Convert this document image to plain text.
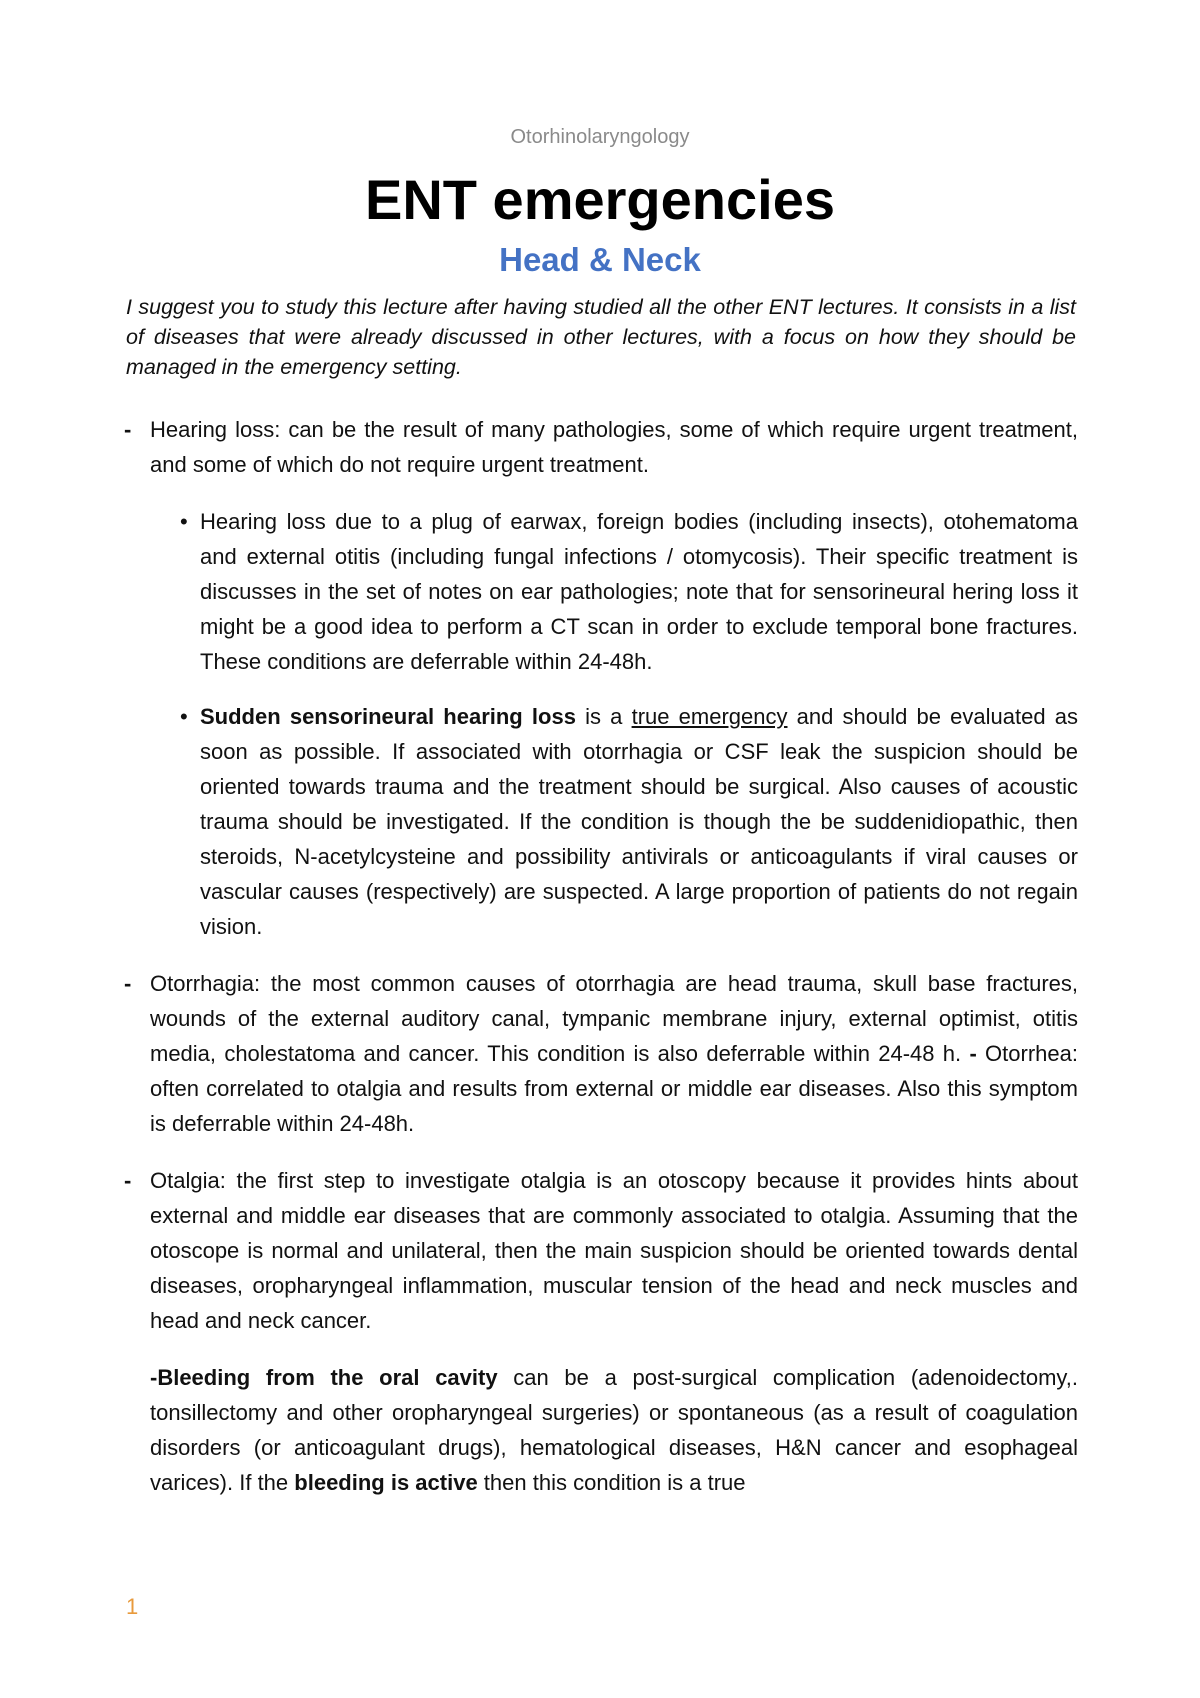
Otorhinolaryngology
ENT emergencies
Head & Neck
I suggest you to study this lecture after having studied all the other ENT lectures. It consists in a list of diseases that were already discussed in other lectures, with a focus on how they should be managed in the emergency setting.
- Hearing loss: can be the result of many pathologies, some of which require urgent treatment, and some of which do not require urgent treatment.

• Hearing loss due to a plug of earwax, foreign bodies (including insects), otohematoma and external otitis (including fungal infections / otomycosis). Their specific treatment is discusses in the set of notes on ear pathologies; note that for sensorineural hering loss it might be a good idea to perform a CT scan in order to exclude temporal bone fractures. These conditions are deferrable within 24-48h.

• Sudden sensorineural hearing loss is a true emergency and should be evaluated as soon as possible. If associated with otorrhagia or CSF leak the suspicion should be oriented towards trauma and the treatment should be surgical. Also causes of acoustic trauma should be investigated. If the condition is though the be suddenidiopathic, then steroids, N-acetylcysteine and possibility antivirals or anticoagulants if viral causes or vascular causes (respectively) are suspected. A large proportion of patients do not regain vision.

- Otorrhagia: the most common causes of otorrhagia are head trauma, skull base fractures, wounds of the external auditory canal, tympanic membrane injury, external optimist, otitis media, cholestatoma and cancer. This condition is also deferrable within 24-48 h. - Otorrhea: often correlated to otalgia and results from external or middle ear diseases. Also this symptom is deferrable within 24-48h.

- Otalgia: the first step to investigate otalgia is an otoscopy because it provides hints about external and middle ear diseases that are commonly associated to otalgia. Assuming that the otoscope is normal and unilateral, then the main suspicion should be oriented towards dental diseases, oropharyngeal inflammation, muscular tension of the head and neck muscles and head and neck cancer.

-Bleeding from the oral cavity can be a post-surgical complication (adenoidectomy,. tonsillectomy and other oropharyngeal surgeries) or spontaneous (as a result of coagulation disorders (or anticoagulant drugs), hematological diseases, H&N cancer and esophageal varices). If the bleeding is active then this condition is a true

1
